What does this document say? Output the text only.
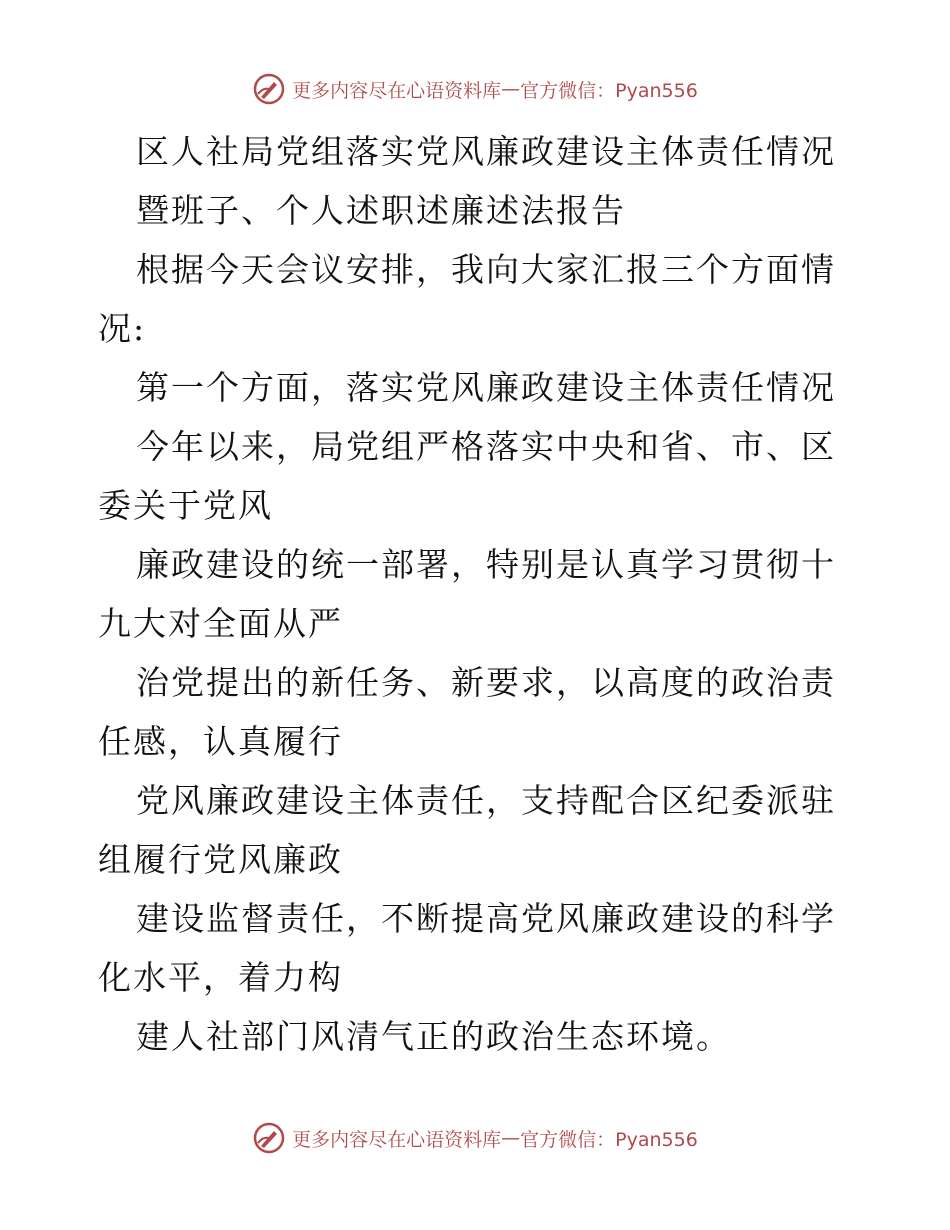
更多内容尽在心语资料库 — 官方微信：Pyan556

区人社局党组落实党风廉政建设主体责任情况

暨班子、个人述职述廉述法报告

根据今天会议安排，我向大家汇报三个方面情况:

第一个方面，落实党风廉政建设主体责任情况

今年以来，局党组严格落实中央和省、市、区委关于党风

廉政建设的统一部署，特别是认真学习贯彻十九大对全面从严

治党提出的新任务、新要求，以高度的政治责任感，认真履行

党风廉政建设主体责任，支持配合区纪委派驻组履行党风廉政

建设监督责任，不断提高党风廉政建设的科学化水平，着力构

建人社部门风清气正的政治生态环境。

更多内容尽在心语资料库 — 官方微信：Pyan556
